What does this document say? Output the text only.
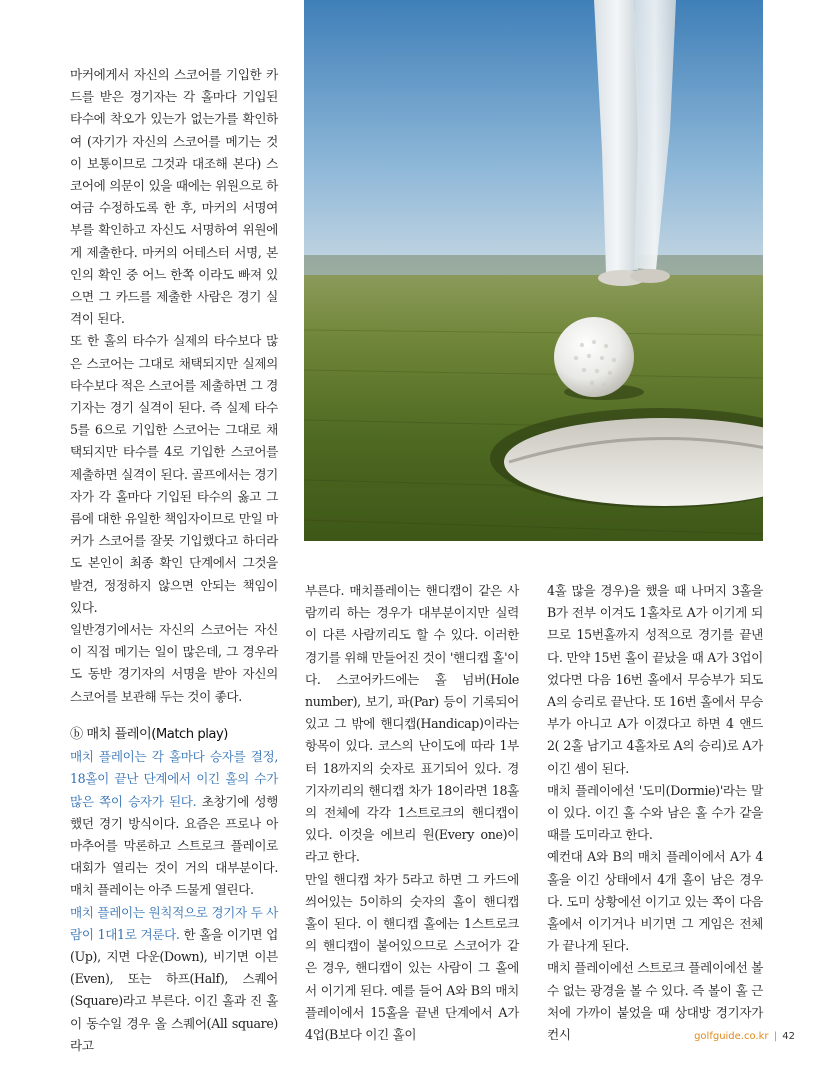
마커에게서 자신의 스코어를 기입한 카드를 받은 경기자는 각 홀마다 기입된 타수에 착오가 있는가 없는가를 확인하여 (자기가 자신의 스코어를 메기는 것이 보통이므로 그것과 대조해 본다) 스코어에 의문이 있을 때에는 위원으로 하여금 수정하도록 한 후, 마커의 서명여부를 확인하고 자신도 서명하여 위원에게 제출한다. 마커의 어테스터 서명, 본인의 확인 중 어느 한쪽 이라도 빠져 있으면 그 카드를 제출한 사람은 경기 실격이 된다.

또 한 홀의 타수가 실제의 타수보다 많은 스코어는 그대로 채택되지만 실제의 타수보다 적은 스코어를 제출하면 그 경기자는 경기 실격이 된다. 즉 실제 타수 5를 6으로 기입한 스코어는 그대로 채택되지만 타수를 4로 기입한 스코어를 제출하면 실격이 된다. 골프에서는 경기자가 각 홀마다 기입된 타수의 옳고 그름에 대한 유일한 책임자이므로 만일 마커가 스코어를 잘못 기입했다고 하더라도 본인이 최종 확인 단계에서 그것을 발견, 정정하지 않으면 안되는 책임이 있다.

일반경기에서는 자신의 스코어는 자신이 직접 메기는 일이 많은데, 그 경우라도 동반 경기자의 서명을 받아 자신의 스코어를 보관해 두는 것이 좋다.

ⓑ 매치 플레이(Match play)

매치 플레이는 각 홀마다 승자를 결정, 18홀이 끝난 단계에서 이긴 홀의 수가 많은 쪽이 승자가 된다. 초창기에 성행했던 경기 방식이다. 요즘은 프로나 아마추어를 막론하고 스트로크 플레이로 대회가 열리는 것이 거의 대부분이다. 매치 플레이는 아주 드물게 열린다.

매치 플레이는 원칙적으로 경기자 두 사람이 1대1로 겨룬다. 한 홀을 이기면 업(Up), 지면 다운(Down), 비기면 이븐(Even), 또는 하프(Half), 스퀘어(Square)라고 부른다. 이긴 홀과 진 홀이 동수일 경우 올 스퀘어(All square)라고

부른다. 매치플레이는 핸디캡이 같은 사람끼리 하는 경우가 대부분이지만 실력이 다른 사람끼리도 할 수 있다. 이러한 경기를 위해 만들어진 것이 '핸디캡 홀'이다. 스코어카드에는 홀 넘버(Hole number), 보기, 파(Par) 등이 기록되어 있고 그 밖에 핸디캡(Handicap)이라는 항목이 있다. 코스의 난이도에 따라 1부터 18까지의 숫자로 표기되어 있다. 경기자끼리의 핸디캡 차가 18이라면 18홀의 전체에 각각 1스트로크의 핸디캡이 있다. 이것을 에브리 원(Every one)이라고 한다.

만일 핸디캡 차가 5라고 하면 그 카드에 씌어있는 5이하의 숫자의 홀이 핸디캡 홀이 된다. 이 핸디캡 홀에는 1스트로크의 핸디캡이 붙어있으므로 스코어가 같은 경우, 핸디캡이 있는 사람이 그 홀에서 이기게 된다. 예를 들어 A와 B의 매치 플레이에서 15홀을 끝낸 단계에서 A가 4업(B보다 이긴 홀이

4홀 많을 경우)을 했을 때 나머지 3홀을 B가 전부 이겨도 1홀차로 A가 이기게 되므로 15번홀까지 성적으로 경기를 끝낸다. 만약 15번 홀이 끝났을 때 A가 3업이었다면 다음 16번 홀에서 무승부가 되도 A의 승리로 끝난다. 또 16번 홀에서 무승부가 아니고 A가 이겼다고 하면 4 앤드 2( 2홀 남기고 4홀차로 A의 승리)로 A가 이긴 셈이 된다.

매치 플레이에선 '도미(Dormie)'라는 말이 있다. 이긴 홀 수와 남은 홀 수가 같을 때를 도미라고 한다.

예컨대 A와 B의 매치 플레이에서 A가 4홀을 이긴 상태에서 4개 홀이 남은 경우다. 도미 상황에선 이기고 있는 쪽이 다음 홀에서 이기거나 비기면 그 게임은 전체가 끝나게 된다.

매치 플레이에선 스트로크 플레이에선 볼 수 없는 광경을 볼 수 있다. 즉 볼이 홀 근처에 가까이 붙었을 때 상대방 경기자가 컨시	golfguide.co.kr | 42
